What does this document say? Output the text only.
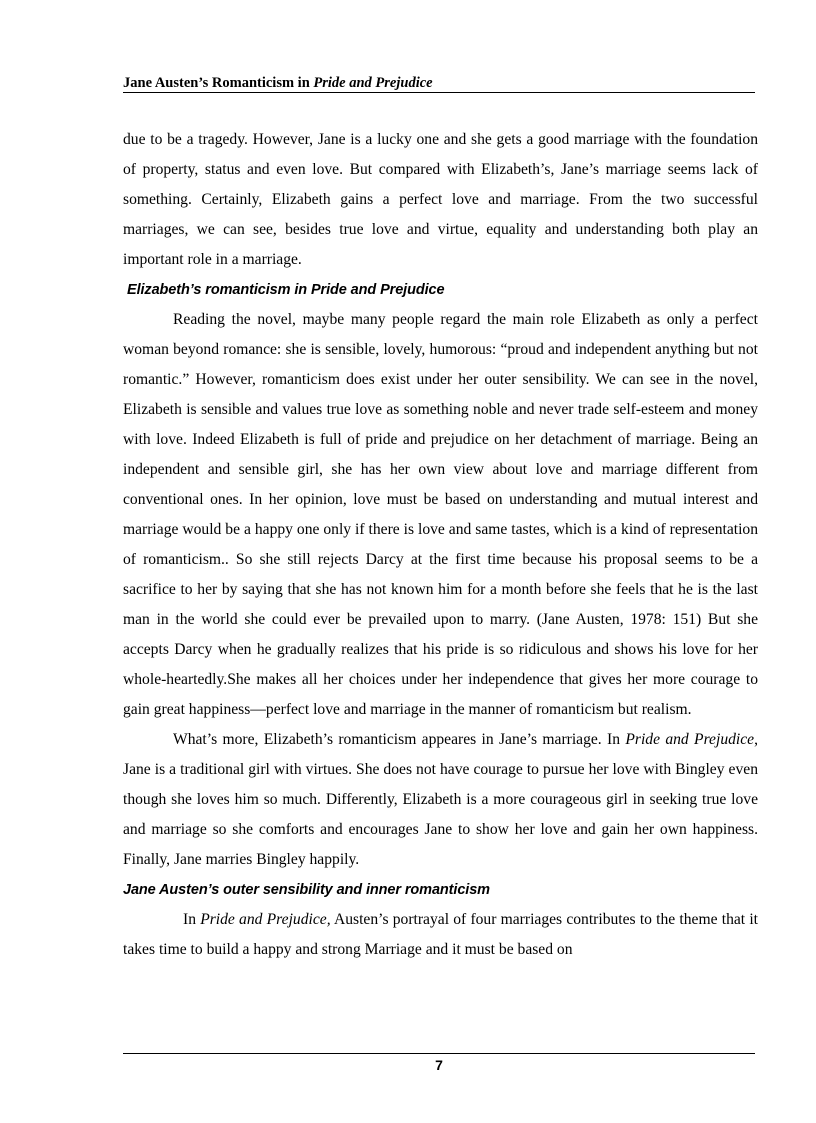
Jane Austen’s Romanticism in Pride and Prejudice

due to be a tragedy. However, Jane is a lucky one and she gets a good marriage with the foundation of property, status and even love. But compared with Elizabeth’s, Jane’s marriage seems lack of something. Certainly, Elizabeth gains a perfect love and marriage. From the two successful marriages, we can see, besides true love and virtue, equality and understanding both play an important role in a marriage.

Elizabeth’s romanticism in Pride and Prejudice

Reading the novel, maybe many people regard the main role Elizabeth as only a perfect woman beyond romance: she is sensible, lovely, humorous: “proud and independent anything but not romantic.” However, romanticism does exist under her outer sensibility. We can see in the novel, Elizabeth is sensible and values true love as something noble and never trade self-esteem and money with love. Indeed Elizabeth is full of pride and prejudice on her detachment of marriage. Being an independent and sensible girl, she has her own view about love and marriage different from conventional ones. In her opinion, love must be based on understanding and mutual interest and marriage would be a happy one only if there is love and same tastes, which is a kind of representation of romanticism.. So she still rejects Darcy at the first time because his proposal seems to be a sacrifice to her by saying that she has not known him for a month before she feels that he is the last man in the world she could ever be prevailed upon to marry. (Jane Austen, 1978: 151) But she accepts Darcy when he gradually realizes that his pride is so ridiculous and shows his love for her whole-heartedly.She makes all her choices under her independence that gives her more courage to gain great happiness—perfect love and marriage in the manner of romanticism but realism.

What’s more, Elizabeth’s romanticism appeares in Jane’s marriage. In Pride and Prejudice, Jane is a traditional girl with virtues. She does not have courage to pursue her love with Bingley even though she loves him so much. Differently, Elizabeth is a more courageous girl in seeking true love and marriage so she comforts and encourages Jane to show her love and gain her own happiness. Finally, Jane marries Bingley happily.

Jane Austen’s outer sensibility and inner romanticism

In Pride and Prejudice, Austen’s portrayal of four marriages contributes to the theme that it takes time to build a happy and strong Marriage and it must be based on

7
